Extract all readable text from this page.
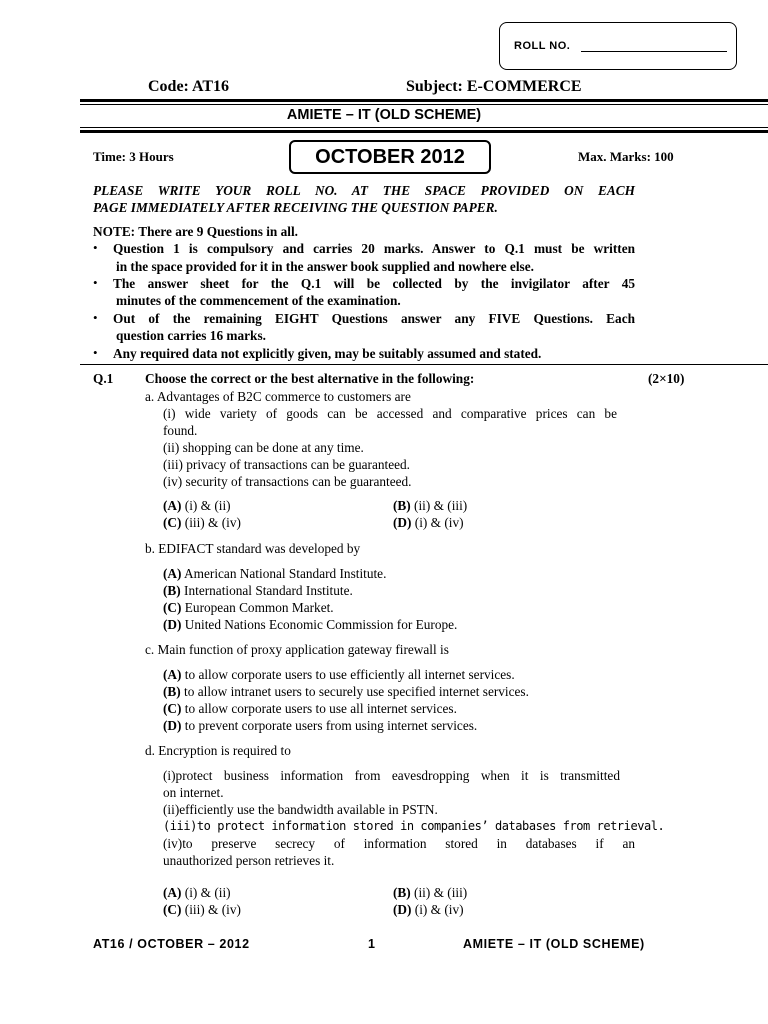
ROLL NO.
Code: AT16	Subject: E-COMMERCE
AMIETE – IT (OLD SCHEME)
Time: 3 Hours	OCTOBER 2012	Max. Marks: 100
PLEASE WRITE YOUR ROLL NO. AT THE SPACE PROVIDED ON EACH
PAGE IMMEDIATELY AFTER RECEIVING THE QUESTION PAPER.
NOTE: There are 9 Questions in all.
• Question 1 is compulsory and carries 20 marks. Answer to Q.1 must be written
in the space provided for it in the answer book supplied and nowhere else.
• The answer sheet for the Q.1 will be collected by the invigilator after 45
minutes of the commencement of the examination.
• Out of the remaining EIGHT Questions answer any FIVE Questions. Each
question carries 16 marks.
• Any required data not explicitly given, may be suitably assumed and stated.
Q.1 Choose the correct or the best alternative in the following:	(2×10)
a. Advantages of B2C commerce to customers are
(i) wide variety of goods can be accessed and comparative prices can be
found.
(ii) shopping can be done at any time.
(iii) privacy of transactions can be guaranteed.
(iv) security of transactions can be guaranteed.
(A) (i) & (ii)	(B) (ii) & (iii)
(C) (iii) & (iv)	(D) (i) & (iv)
b. EDIFACT standard was developed by
(A) American National Standard Institute.
(B) International Standard Institute.
(C) European Common Market.
(D) United Nations Economic Commission for Europe.
c. Main function of proxy application gateway firewall is
(A) to allow corporate users to use efficiently all internet services.
(B) to allow intranet users to securely use specified internet services.
(C) to allow corporate users to use all internet services.
(D) to prevent corporate users from using internet services.
d. Encryption is required to
(i)protect business information from eavesdropping when it is transmitted
on internet.
(ii)efficiently use the bandwidth available in PSTN.
(iii)to protect information stored in companies’ databases from retrieval.
(iv)to preserve secrecy of information stored in databases if an
unauthorized person retrieves it.
(A) (i) & (ii)	(B) (ii) & (iii)
(C) (iii) & (iv)	(D) (i) & (iv)
AT16 / OCTOBER – 2012	1	AMIETE – IT (OLD SCHEME)
